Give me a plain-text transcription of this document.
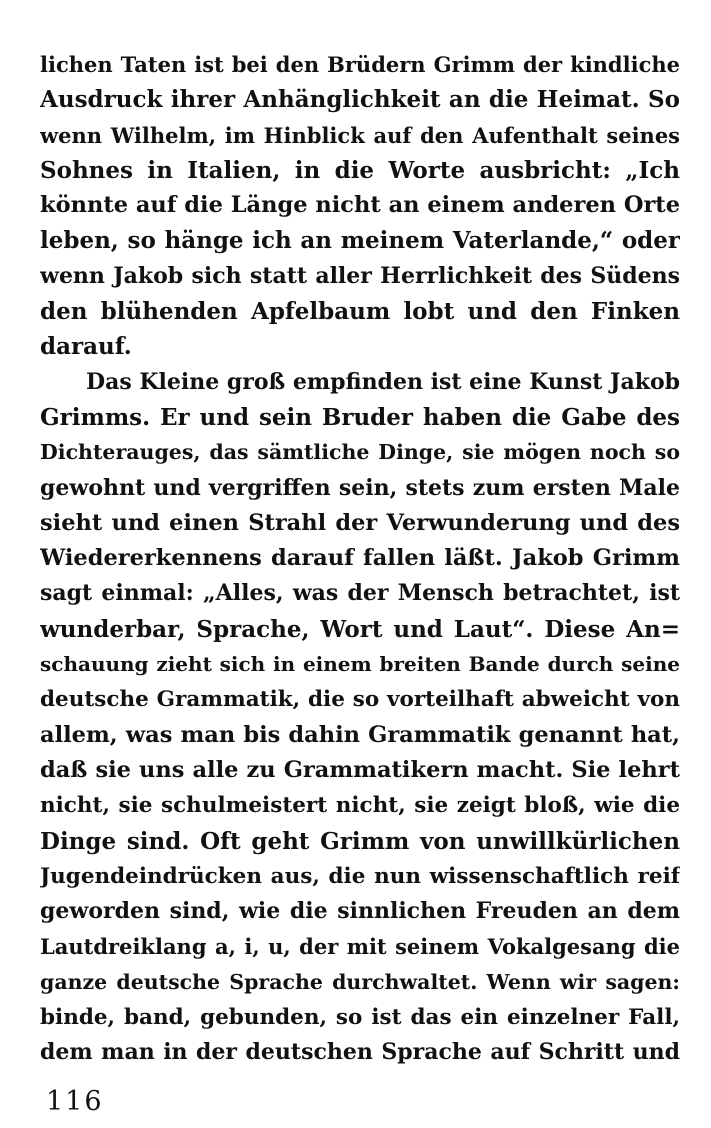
lichen Taten ist bei den Brüdern Grimm der kindliche
Ausdruck ihrer Anhänglichkeit an die Heimat. So
wenn Wilhelm, im Hinblick auf den Aufenthalt seines
Sohnes in Italien, in die Worte ausbricht: „Ich
könnte auf die Länge nicht an einem anderen Orte
leben, so hänge ich an meinem Vaterlande,“ oder
wenn Jakob sich statt aller Herrlichkeit des Südens
den blühenden Apfelbaum lobt und den Finken
darauf.
Das Kleine groß empfinden ist eine Kunst Jakob
Grimms. Er und sein Bruder haben die Gabe des
Dichterauges, das sämtliche Dinge, sie mögen noch so
gewohnt und vergriffen sein, stets zum ersten Male
sieht und einen Strahl der Verwunderung und des
Wiedererkennens darauf fallen läßt. Jakob Grimm
sagt einmal: „Alles, was der Mensch betrachtet, ist
wunderbar, Sprache, Wort und Laut“. Diese An=
schauung zieht sich in einem breiten Bande durch seine
deutsche Grammatik, die so vorteilhaft abweicht von
allem, was man bis dahin Grammatik genannt hat,
daß sie uns alle zu Grammatikern macht. Sie lehrt
nicht, sie schulmeistert nicht, sie zeigt bloß, wie die
Dinge sind. Oft geht Grimm von unwillkürlichen
Jugendeindrücken aus, die nun wissenschaftlich reif
geworden sind, wie die sinnlichen Freuden an dem
Lautdreiklang a, i, u, der mit seinem Vokalgesang die
ganze deutsche Sprache durchwaltet. Wenn wir sagen:
binde, band, gebunden, so ist das ein einzelner Fall,
dem man in der deutschen Sprache auf Schritt und
116
